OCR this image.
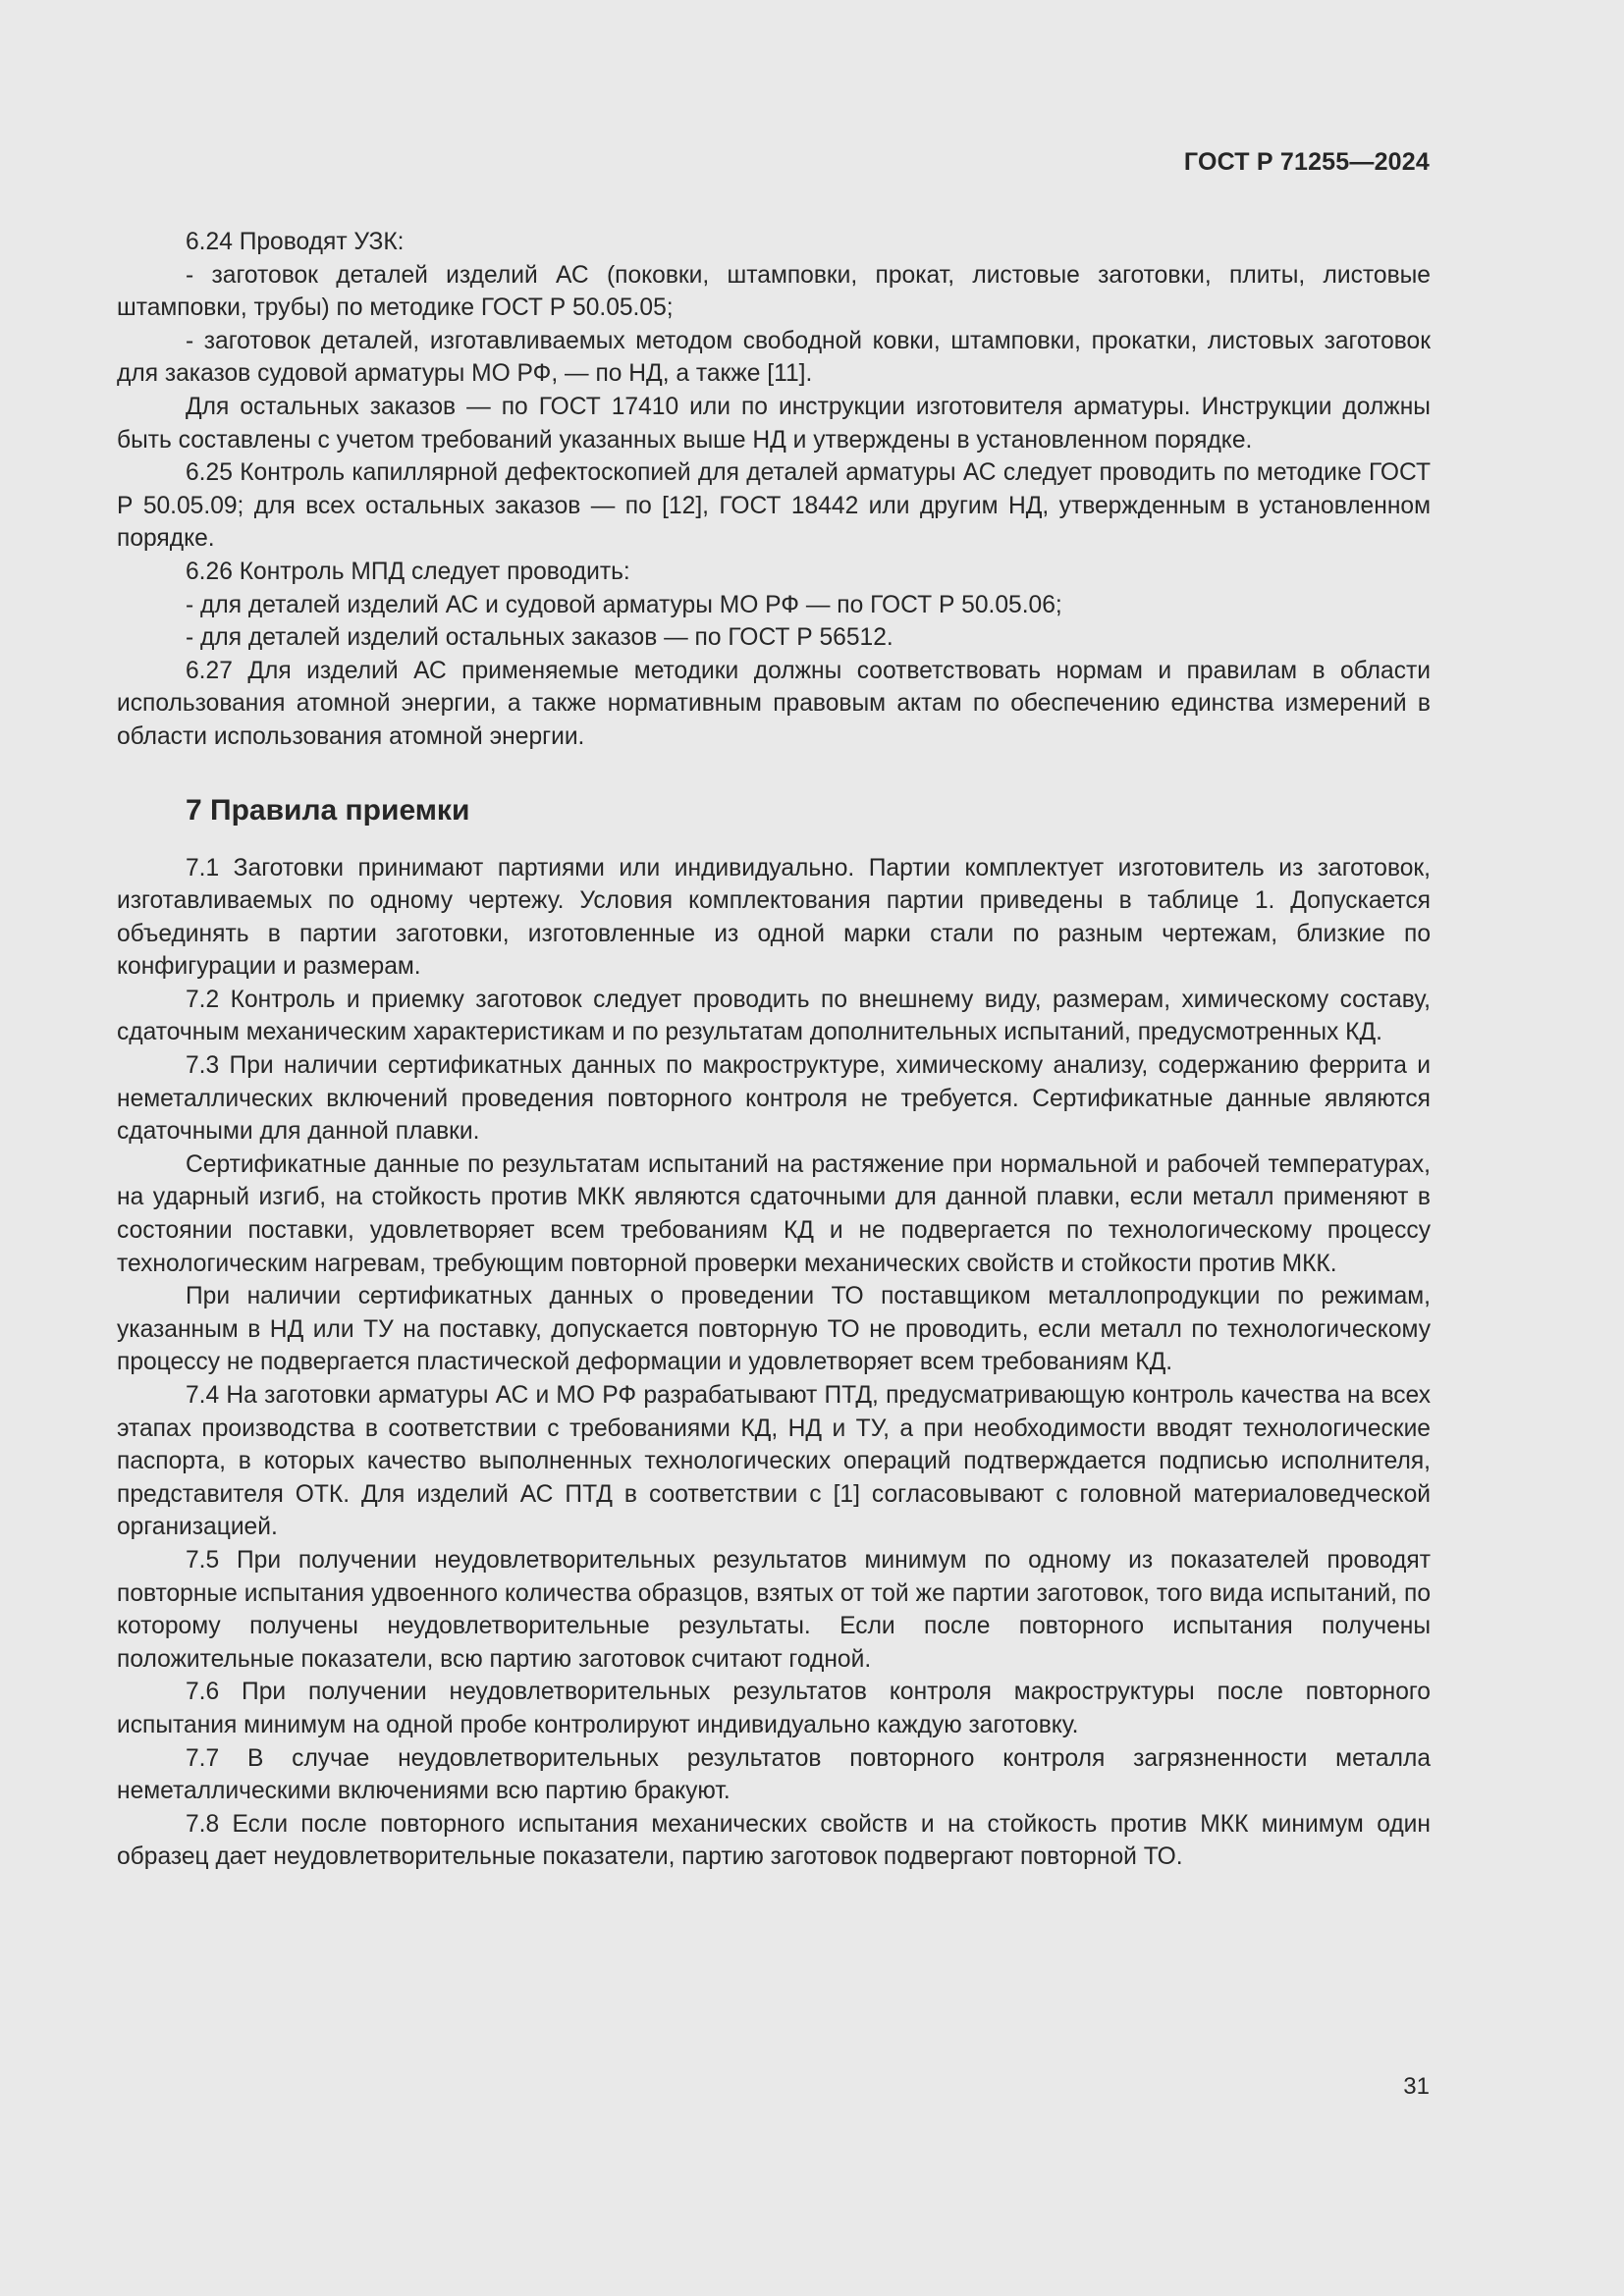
ГОСТ Р 71255—2024

6.24 Проводят УЗК:

- заготовок деталей изделий АС (поковки, штамповки, прокат, листовые заготовки, плиты, листовые штамповки, трубы) по методике ГОСТ Р 50.05.05;

- заготовок деталей, изготавливаемых методом свободной ковки, штамповки, прокатки, листовых заготовок для заказов судовой арматуры МО РФ, — по НД, а также [11].

Для остальных заказов — по ГОСТ 17410 или по инструкции изготовителя арматуры. Инструкции должны быть составлены с учетом требований указанных выше НД и утверждены в установленном порядке.

6.25 Контроль капиллярной дефектоскопией для деталей арматуры АС следует проводить по методике ГОСТ Р 50.05.09; для всех остальных заказов — по [12], ГОСТ 18442 или другим НД, утвержденным в установленном порядке.

6.26 Контроль МПД следует проводить:

- для деталей изделий АС и судовой арматуры МО РФ — по ГОСТ Р 50.05.06;

- для деталей изделий остальных заказов — по ГОСТ Р 56512.

6.27 Для изделий АС применяемые методики должны соответствовать нормам и правилам в области использования атомной энергии, а также нормативным правовым актам по обеспечению единства измерений в области использования атомной энергии.

7 Правила приемки

7.1 Заготовки принимают партиями или индивидуально. Партии комплектует изготовитель из заготовок, изготавливаемых по одному чертежу. Условия комплектования партии приведены в таблице 1. Допускается объединять в партии заготовки, изготовленные из одной марки стали по разным чертежам, близкие по конфигурации и размерам.

7.2 Контроль и приемку заготовок следует проводить по внешнему виду, размерам, химическому составу, сдаточным механическим характеристикам и по результатам дополнительных испытаний, предусмотренных КД.

7.3 При наличии сертификатных данных по макроструктуре, химическому анализу, содержанию феррита и неметаллических включений проведения повторного контроля не требуется. Сертификатные данные являются сдаточными для данной плавки.

Сертификатные данные по результатам испытаний на растяжение при нормальной и рабочей температурах, на ударный изгиб, на стойкость против МКК являются сдаточными для данной плавки, если металл применяют в состоянии поставки, удовлетворяет всем требованиям КД и не подвергается по технологическому процессу технологическим нагревам, требующим повторной проверки механических свойств и стойкости против МКК.

При наличии сертификатных данных о проведении ТО поставщиком металлопродукции по режимам, указанным в НД или ТУ на поставку, допускается повторную ТО не проводить, если металл по технологическому процессу не подвергается пластической деформации и удовлетворяет всем требованиям КД.

7.4 На заготовки арматуры АС и МО РФ разрабатывают ПТД, предусматривающую контроль качества на всех этапах производства в соответствии с требованиями КД, НД и ТУ, а при необходимости вводят технологические паспорта, в которых качество выполненных технологических операций подтверждается подписью исполнителя, представителя ОТК. Для изделий АС ПТД в соответствии с [1] согласовывают с головной материаловедческой организацией.

7.5 При получении неудовлетворительных результатов минимум по одному из показателей проводят повторные испытания удвоенного количества образцов, взятых от той же партии заготовок, того вида испытаний, по которому получены неудовлетворительные результаты. Если после повторного испытания получены положительные показатели, всю партию заготовок считают годной.

7.6 При получении неудовлетворительных результатов контроля макроструктуры после повторного испытания минимум на одной пробе контролируют индивидуально каждую заготовку.

7.7 В случае неудовлетворительных результатов повторного контроля загрязненности металла неметаллическими включениями всю партию бракуют.

7.8 Если после повторного испытания механических свойств и на стойкость против МКК минимум один образец дает неудовлетворительные показатели, партию заготовок подвергают повторной ТО.

31
